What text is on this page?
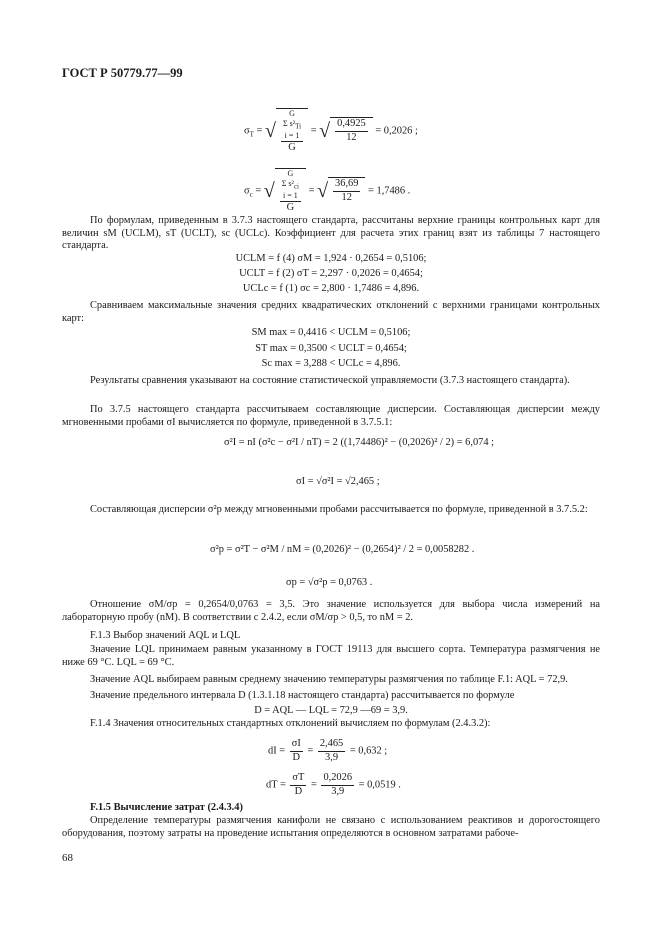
ГОСТ Р 50779.77—99
$\sigma_T$ = √
G
Σ $s^2_{Ti}$
i = 1
G
= √ $\frac{0,4925}{12} = 0,2026$ ;
$\sigma_c$ = √
G
Σ $s^2_{ci}$
i = 1
G
= √ $\frac{36,69}{12} = 1,7486$ .
По формулам, приведенным в 3.7.3 настоящего стандарта, рассчитаны верхние границы контрольных карт для величин sM (UCLM), sT (UCLT), sc (UCLc). Коэффициент для расчета этих границ взят из таблицы 7 настоящего стандарта.
UCLM = f (4) σM = 1,924 · 0,2654 = 0,5106;
UCLT = f (2) σT = 2,297 · 0,2026 = 0,4654;
UCLc = f (1) σc = 2,800 · 1,7486 = 4,896.
Сравниваем максимальные значения средних квадратических отклонений с верхними границами контрольных карт:
SM max = 0,4416 < UCLM = 0,5106;
ST max = 0,3500 < UCLT = 0,4654;
Sc max = 3,288 < UCLc = 4,896.
Результаты сравнения указывают на состояние статистической управляемости (3.7.3 настоящего стандарта).
По 3.7.5 настоящего стандарта рассчитываем составляющие дисперсии. Составляющая дисперсии между мгновенными пробами σI вычисляется по формуле, приведенной в 3.7.5.1:
σ²I = nI (σ²c − σ²I / nT) = 2 ((1,74486)² − (0,2026)² / 2) = 6,074 ;
σI = √σ²I = √2,465 ;
Составляющая дисперсии σ²p между мгновенными пробами рассчитывается по формуле, приведенной в 3.7.5.2:
σ²p = σ²T − σ²M / nM = (0,2026)² − (0,2654)² / 2 = 0,0058282 .
σp = √σ²p = 0,0763 .
Отношение σM/σp = 0,2654/0,0763 = 3,5. Это значение используется для выбора числа измерений на лабораторную пробу (nM). В соответствии с 2.4.2, если σM/σp > 0,5, то nM = 2.
F.1.3 Выбор значений AQL и LQL
Значение LQL принимаем равным указанному в ГОСТ 19113 для высшего сорта. Температура размягчения не ниже 69 °С. LQL = 69 °С.
Значение AQL выбираем равным среднему значению температуры размягчения по таблице F.1: AQL = 72,9.
Значение предельного интервала D (1.3.1.18 настоящего стандарта) рассчитывается по формуле
D = AQL — LQL = 72,9 —69 = 3,9.
F.1.4 Значения относительных стандартных отклонений вычисляем по формулам (2.4.3.2):
dI = $\frac{\sigma I}{D} = \frac{2,465}{3,9} = 0,632$ ;
dT = $\frac{\sigma T}{D} = \frac{0,2026}{3,9} = 0,0519$ .
F.1.5 Вычисление затрат (2.4.3.4)
Определение температуры размягчения канифоли не связано с использованием реактивов и дорогостоящего оборудования, поэтому затраты на проведение испытания определяются в основном затратами рабоче-
68
